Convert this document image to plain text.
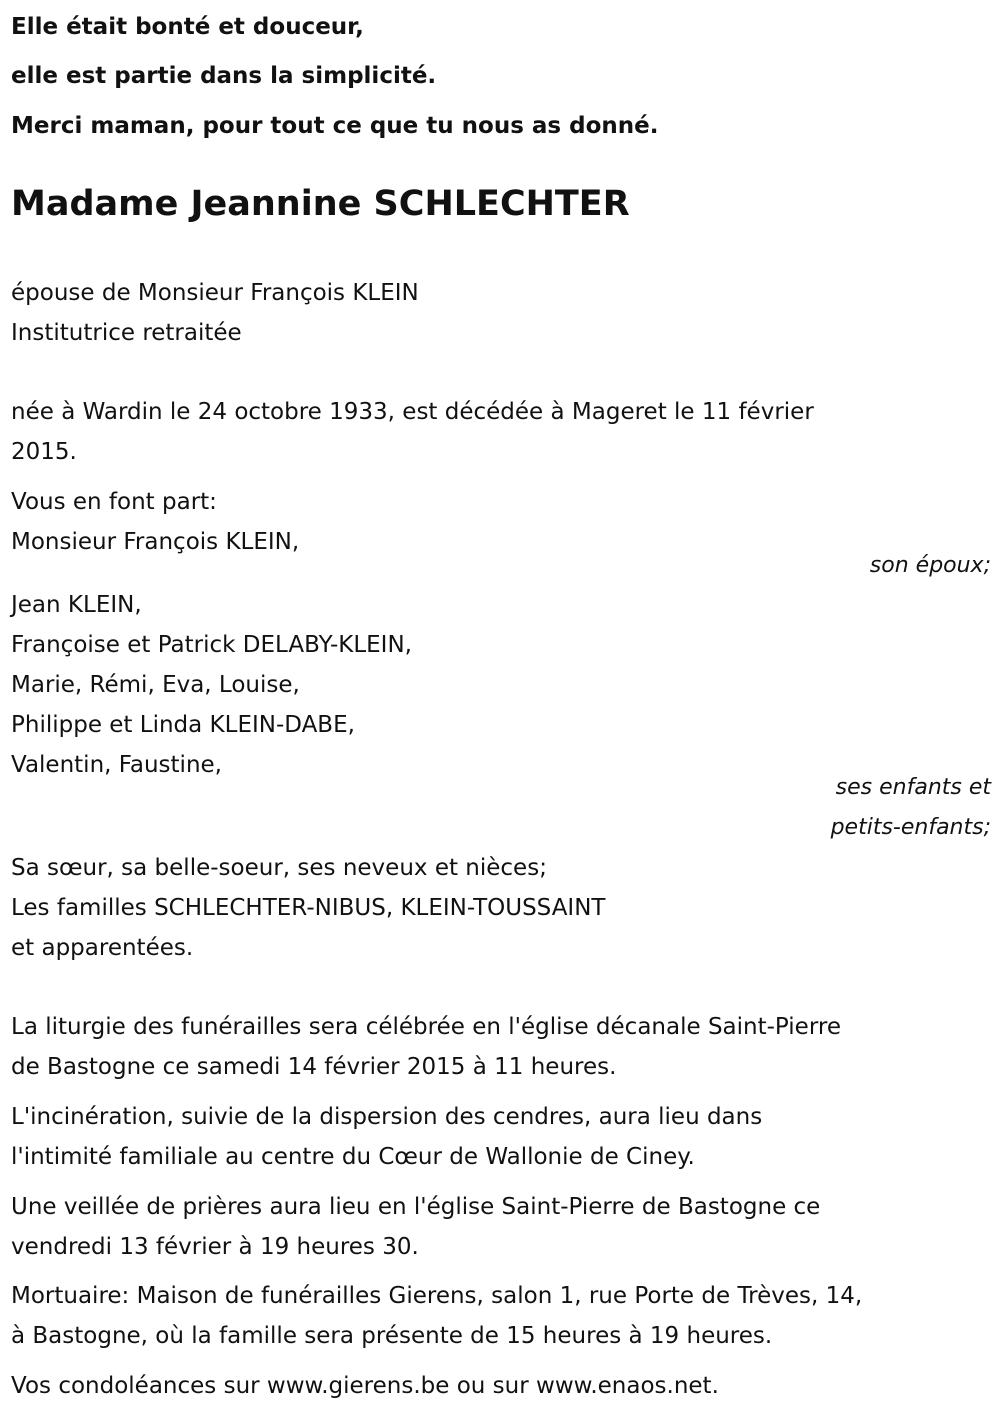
Elle était bonté et douceur,
elle est partie dans la simplicité.
Merci maman, pour tout ce que tu nous as donné.
Madame Jeannine SCHLECHTER
épouse de Monsieur François KLEIN
Institutrice retraitée
née à Wardin le 24 octobre 1933, est décédée à Mageret le 11 février
2015.
Vous en font part:
Monsieur François KLEIN,
son époux;
Jean KLEIN,
Françoise et Patrick DELABY-KLEIN,
Marie, Rémi, Eva, Louise,
Philippe et Linda KLEIN-DABE,
Valentin, Faustine,
ses enfants et
petits-enfants;
Sa sœur, sa belle-soeur, ses neveux et nièces;
Les familles SCHLECHTER-NIBUS, KLEIN-TOUSSAINT
et apparentées.
La liturgie des funérailles sera célébrée en l'église décanale Saint-Pierre
de Bastogne ce samedi 14 février 2015 à 11 heures.
L'incinération, suivie de la dispersion des cendres, aura lieu dans
l'intimité familiale au centre du Cœur de Wallonie de Ciney.
Une veillée de prières aura lieu en l'église Saint-Pierre de Bastogne ce
vendredi 13 février à 19 heures 30.
Mortuaire: Maison de funérailles Gierens, salon 1, rue Porte de Trèves, 14,
à Bastogne, où la famille sera présente de 15 heures à 19 heures.
Vos condoléances sur www.gierens.be ou sur www.enaos.net.
